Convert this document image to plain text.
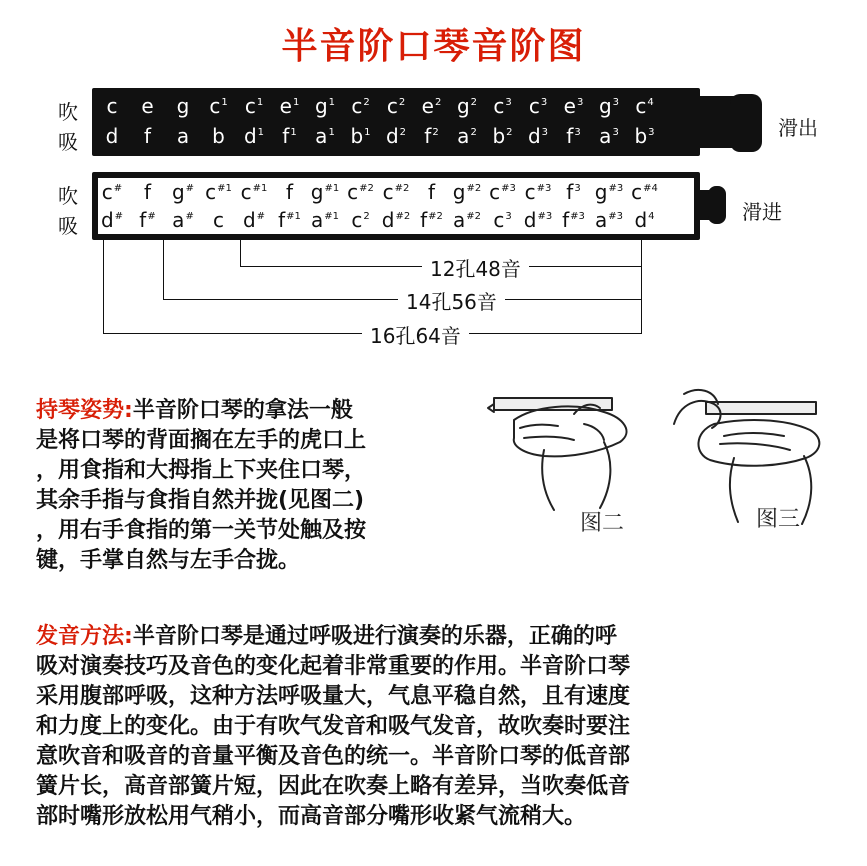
半音阶口琴音阶图
吹
吸
滑出
c	e	g $c^1$ $c^1$ $e^1$ $g^1$ $c^2$ $c^2$ $e^2$ $g^2$ $c^3$ $c^3$ $e^3$ $g^3$ $c^4$
d	f	a	b $d^1$ $f^1$ $a^1$ $b^1$ $d^2$ $f^2$ $a^2$ $b^2$ $d^3$ $f^3$ $a^3$ $b^3$
吹
吸
滑进
c#	f	g# $c^{\#1}$ $c^{\#1}$ f $g^{\#1}$ $c^{\#2}$ $c^{\#2}$ f $g^{\#2}$ $c^{\#3}$ $c^{\#3}$ $f^3$ $g^{\#3}$ $c^{\#4}$
d# f# a# c d# $f^{\#1}$ $a^{\#1}$ $c^2$ $d^{\#2}$ $f^{\#2}$ $a^{\#2}$ $c^3$ $d^{\#3}$ $f^{\#3}$ $a^{\#3}$ $d^4$
12孔48音
14孔56音
16孔64音
持琴姿势:半音阶口琴的拿法一般
是将口琴的背面搁在左手的虎口上
，用食指和大拇指上下夹住口琴，
其余手指与食指自然并拢(见图二)
，用右手食指的第一关节处触及按
键，手掌自然与左手合拢。
图二	图三
发音方法:半音阶口琴是通过呼吸进行演奏的乐器，正确的呼
吸对演奏技巧及音色的变化起着非常重要的作用。半音阶口琴
采用腹部呼吸，这种方法呼吸量大，气息平稳自然，且有速度
和力度上的变化。由于有吹气发音和吸气发音，故吹奏时要注
意吹音和吸音的音量平衡及音色的统一。半音阶口琴的低音部
簧片长，高音部簧片短，因此在吹奏上略有差异，当吹奏低音
部时嘴形放松用气稍小，而高音部分嘴形收紧气流稍大。
